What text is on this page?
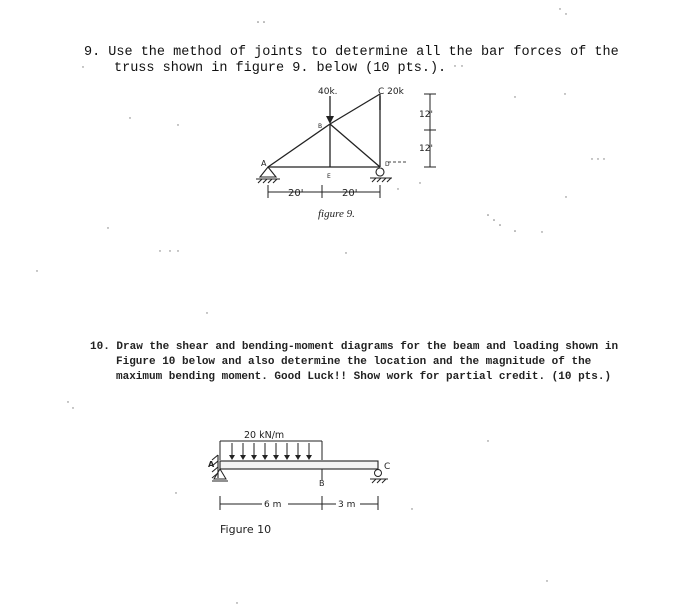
9. Use the method of joints to determine all the bar forces of the
truss shown in figure 9. below (10 pts.).
40k.	C 20k
12'
12'
B
A
E
D
20'	20'
figure 9.
10. Draw the shear and bending-moment diagrams for the beam and loading shown in
Figure 10 below and also determine the location and the magnitude of the
maximum bending moment. Good Luck!! Show work for partial credit. (10 pts.)
20 kN/m
A
B
C
6 m	3 m
Figure 10
